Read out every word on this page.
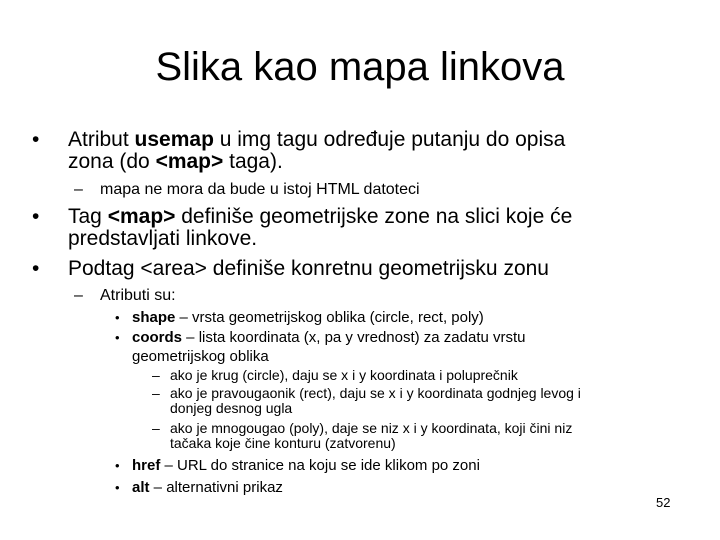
Slika kao mapa linkova
• Atribut usemap u img tagu određuje putanju do opisa
zona (do <map> taga).
– mapa ne mora da bude u istoj HTML datoteci
• Tag <map> definiše geometrijske zone na slici koje će
predstavljati linkove.
• Podtag <area> definiše konretnu geometrijsku zonu
– Atributi su:
• shape – vrsta geometrijskog oblika (circle, rect, poly)
• coords – lista koordinata (x, pa y vrednost) za zadatu vrstu
geometrijskog oblika
– ako je krug (circle), daju se x i y koordinata i poluprečnik
– ako je pravougaonik (rect), daju se x i y koordinata godnjeg levog i
donjeg desnog ugla
– ako je mnogougao (poly), daje se niz x i y koordinata, koji čini niz
tačaka koje čine konturu (zatvorenu)
• href – URL do stranice na koju se ide klikom po zoni
• alt – alternativni prikaz
52
